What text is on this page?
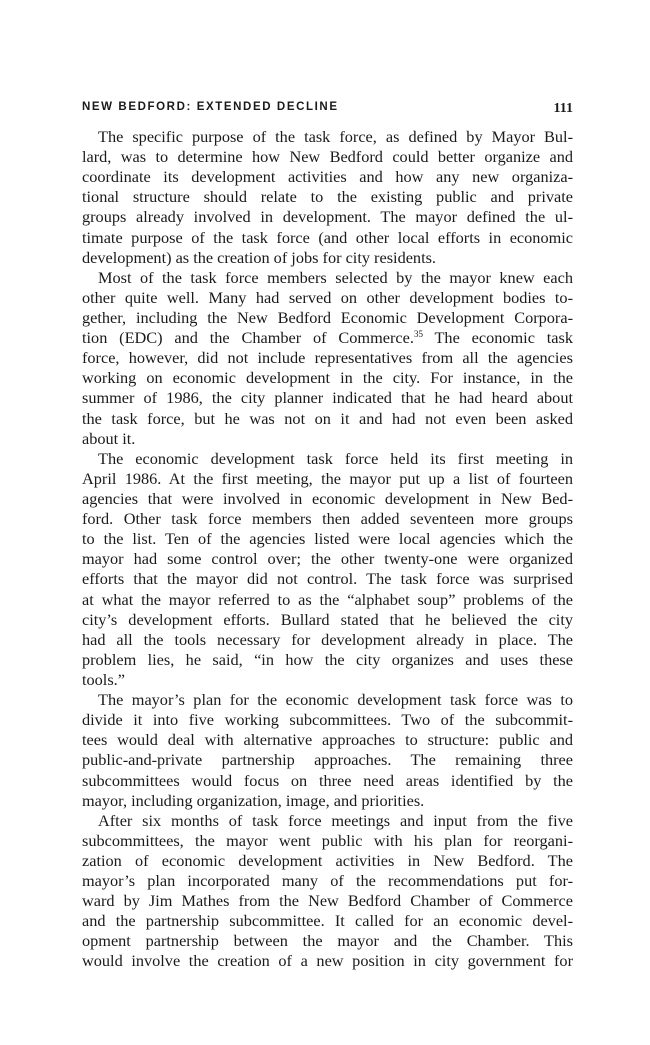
NEW BEDFORD: EXTENDED DECLINE	111
The specific purpose of the task force, as defined by Mayor Bul-
lard, was to determine how New Bedford could better organize and
coordinate its development activities and how any new organiza-
tional structure should relate to the existing public and private
groups already involved in development. The mayor defined the ul-
timate purpose of the task force (and other local efforts in economic
development) as the creation of jobs for city residents.
Most of the task force members selected by the mayor knew each
other quite well. Many had served on other development bodies to-
gether, including the New Bedford Economic Development Corpora-
tion (EDC) and the Chamber of Commerce.$^{35}$ The economic task
force, however, did not include representatives from all the agencies
working on economic development in the city. For instance, in the
summer of 1986, the city planner indicated that he had heard about
the task force, but he was not on it and had not even been asked
about it.
The economic development task force held its first meeting in
April 1986. At the first meeting, the mayor put up a list of fourteen
agencies that were involved in economic development in New Bed-
ford. Other task force members then added seventeen more groups
to the list. Ten of the agencies listed were local agencies which the
mayor had some control over; the other twenty-one were organized
efforts that the mayor did not control. The task force was surprised
at what the mayor referred to as the “alphabet soup” problems of the
city’s development efforts. Bullard stated that he believed the city
had all the tools necessary for development already in place. The
problem lies, he said, “in how the city organizes and uses these
tools.”
The mayor’s plan for the economic development task force was to
divide it into five working subcommittees. Two of the subcommit-
tees would deal with alternative approaches to structure: public and
public-and-private partnership approaches. The remaining three
subcommittees would focus on three need areas identified by the
mayor, including organization, image, and priorities.
After six months of task force meetings and input from the five
subcommittees, the mayor went public with his plan for reorgani-
zation of economic development activities in New Bedford. The
mayor’s plan incorporated many of the recommendations put for-
ward by Jim Mathes from the New Bedford Chamber of Commerce
and the partnership subcommittee. It called for an economic devel-
opment partnership between the mayor and the Chamber. This
would involve the creation of a new position in city government for
